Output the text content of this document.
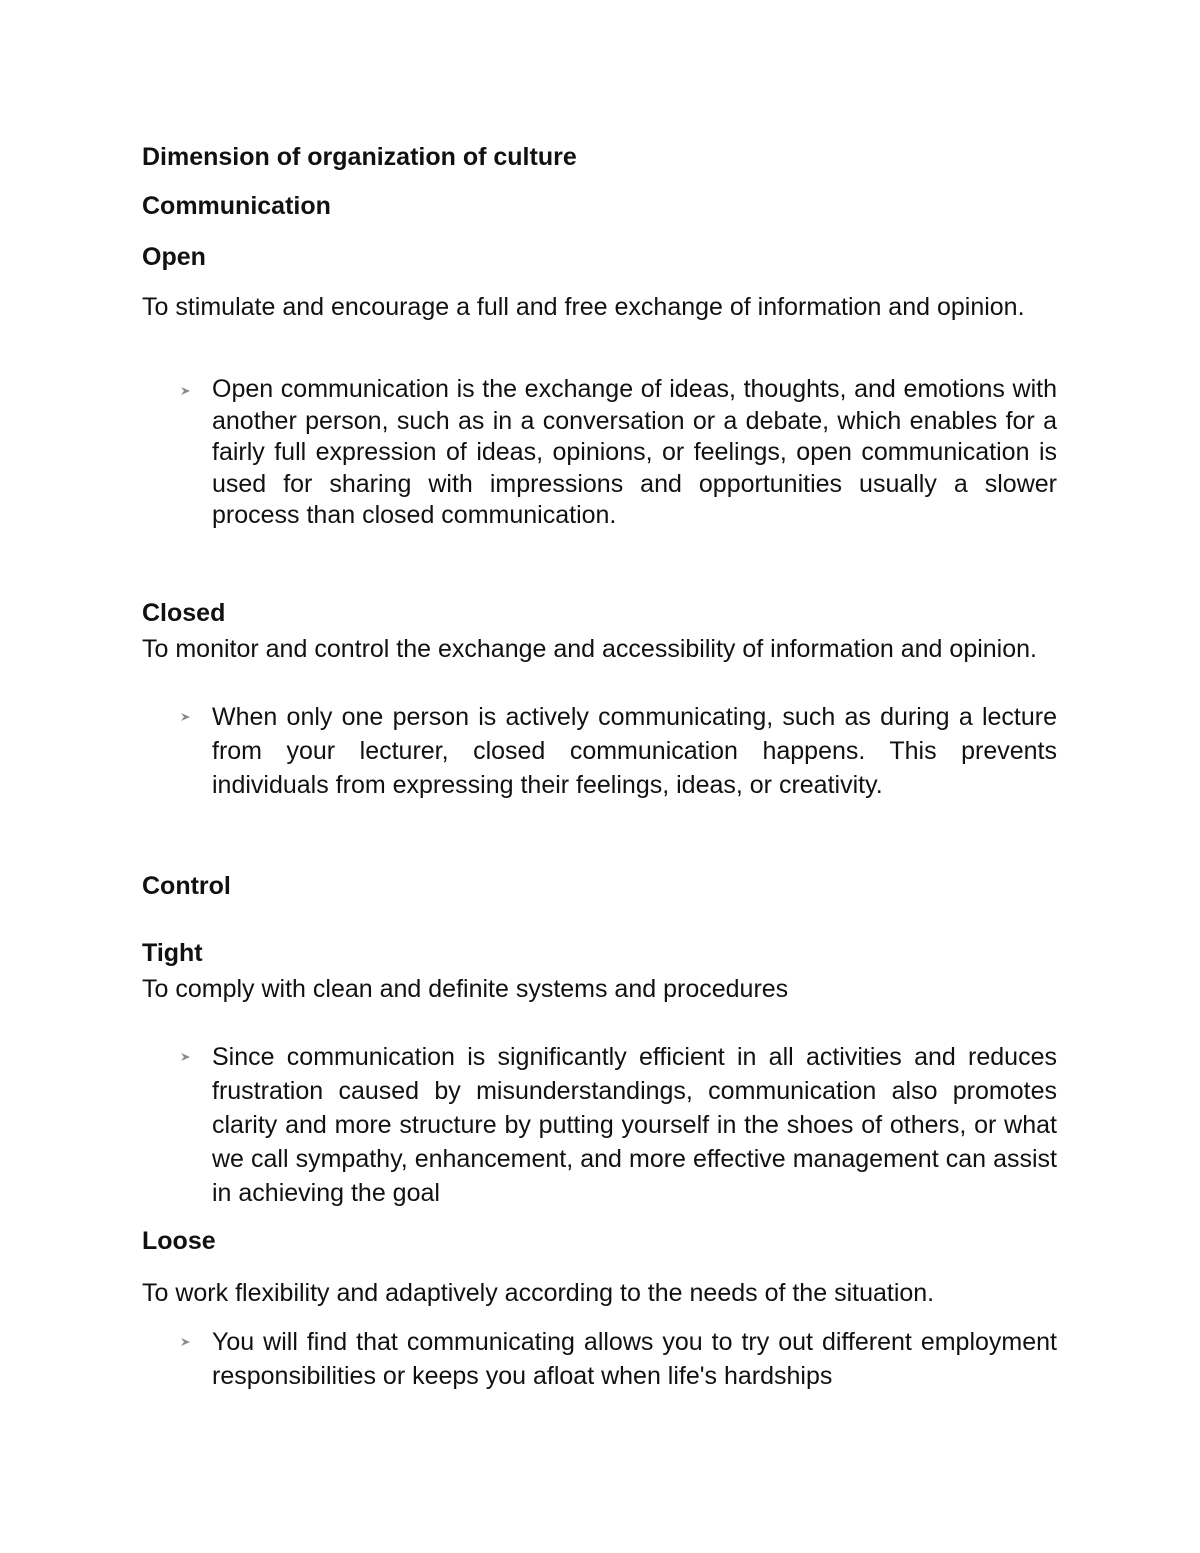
Dimension of organization of culture
Communication
Open
To stimulate and encourage a full and free exchange of information and opinion.
Open communication is the exchange of ideas, thoughts, and emotions with another person, such as in a conversation or a debate, which enables for a fairly full expression of ideas, opinions, or feelings, open communication is used for sharing with impressions and opportunities usually a slower process than closed communication.
Closed
To monitor and control the exchange and accessibility of information and opinion.
When only one person is actively communicating, such as during a lecture from your lecturer, closed communication happens. This prevents individuals from expressing their feelings, ideas, or creativity.
Control
Tight
To comply with clean and definite systems and procedures
Since communication is significantly efficient in all activities and reduces frustration caused by misunderstandings, communication also promotes clarity and more structure by putting yourself in the shoes of others, or what we call sympathy, enhancement, and more effective management can assist in achieving the goal
Loose
To work flexibility and adaptively according to the needs of the situation.
You will find that communicating allows you to try out different employment responsibilities or keeps you afloat when life's hardships
